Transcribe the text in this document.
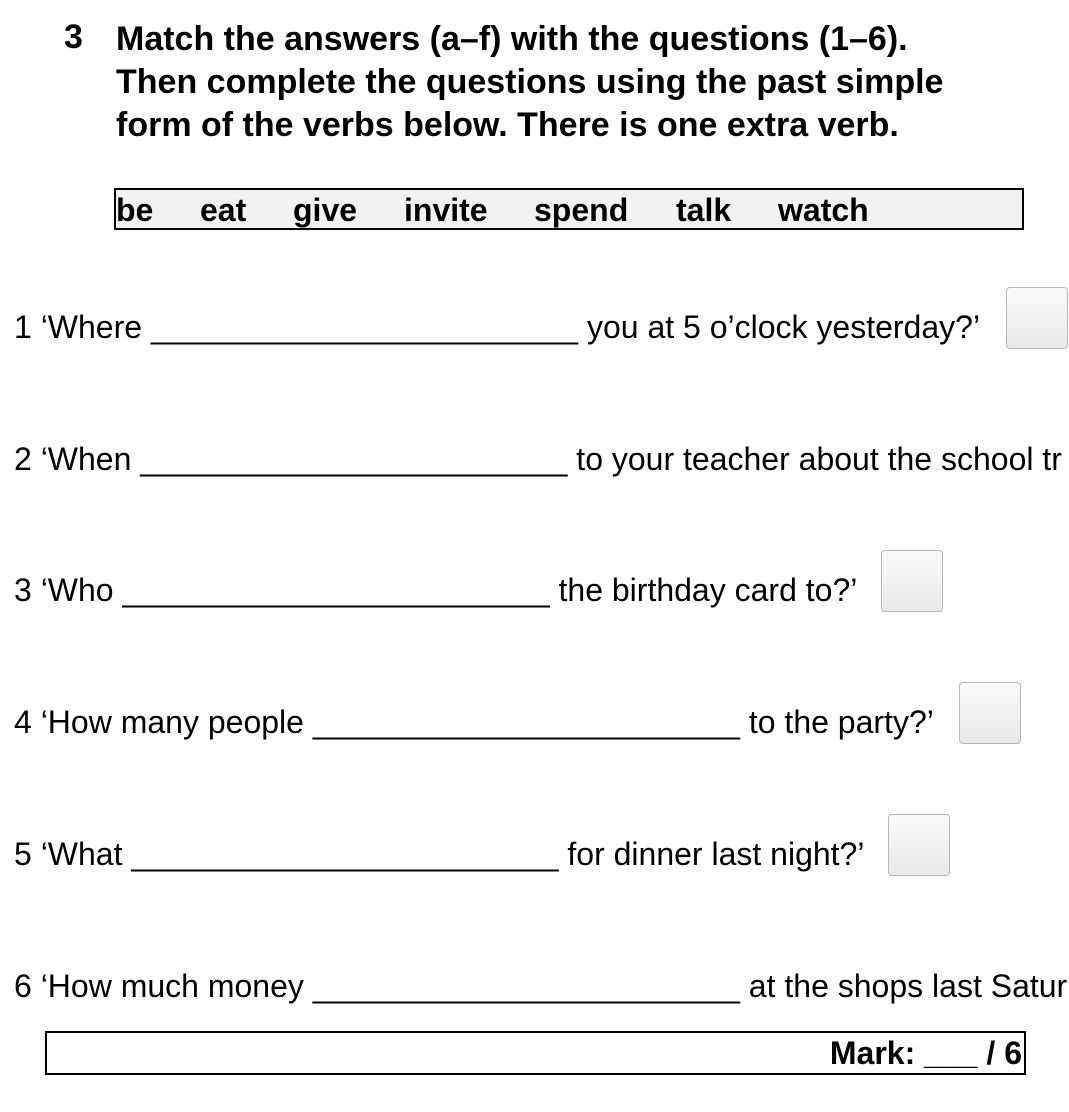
3 Match the answers (a–f) with the questions (1–6).
Then complete the questions using the past simple
form of the verbs below. There is one extra verb.
be eat give invite spend talk watch
1 ‘Where ________________________ you at 5 o’clock yesterday?’
2 ‘When ________________________ to your teacher about the school tr
3 ‘Who ________________________ the birthday card to?’
4 ‘How many people ________________________ to the party?’
5 ‘What ________________________ for dinner last night?’
6 ‘How much money ________________________ at the shops last Satur
Mark: ___ / 6
